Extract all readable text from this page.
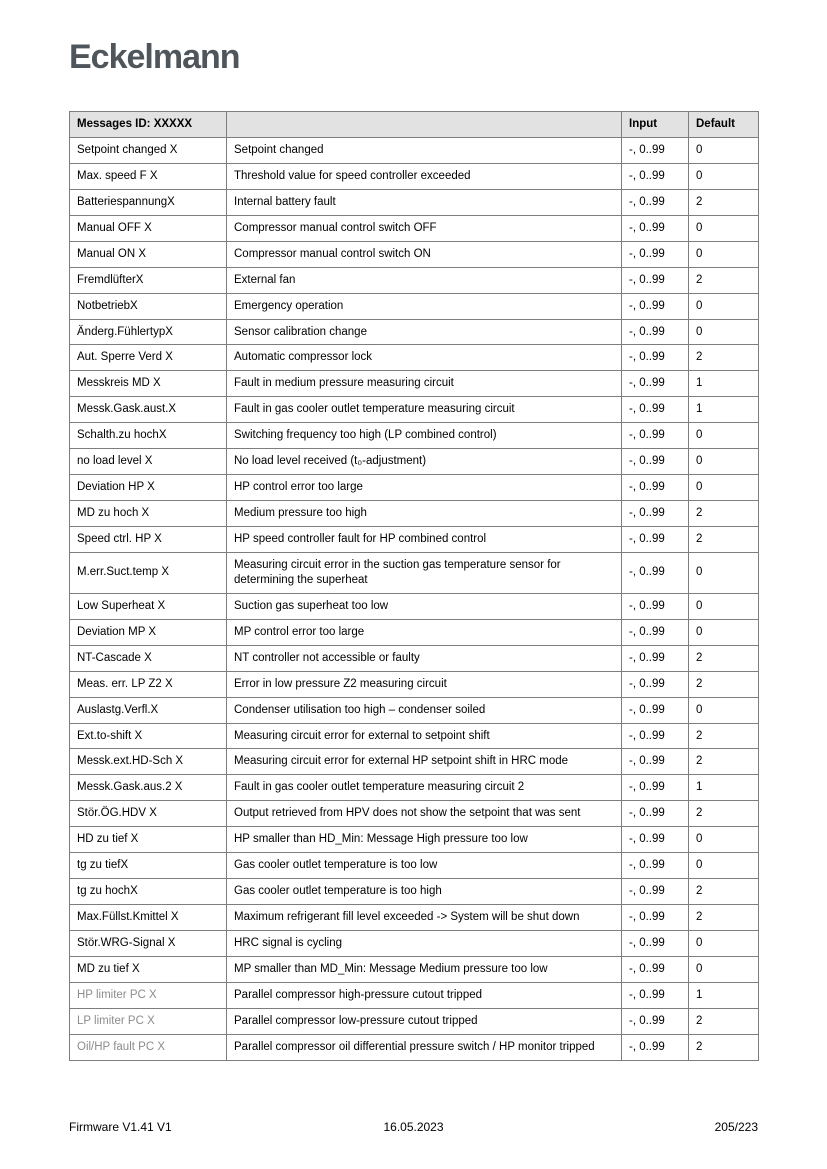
Eckelmann
Messages ID: XXXXX		Input	Default
Setpoint changed X	Setpoint changed	-, 0..99	0
Max. speed F X	Threshold value for speed controller exceeded	-, 0..99	0
BatteriespannungX	Internal battery fault	-, 0..99	2
Manual OFF X	Compressor manual control switch OFF	-, 0..99	0
Manual ON X	Compressor manual control switch ON	-, 0..99	0
FremdlüfterX	External fan	-, 0..99	2
NotbetriebX	Emergency operation	-, 0..99	0
Änderg.FühlertypX	Sensor calibration change	-, 0..99	0
Aut. Sperre Verd X	Automatic compressor lock	-, 0..99	2
Messkreis MD X	Fault in medium pressure measuring circuit	-, 0..99	1
Messk.Gask.aust.X	Fault in gas cooler outlet temperature measuring circuit	-, 0..99	1
Schalth.zu hochX	Switching frequency too high (LP combined control)	-, 0..99	0
no load level X	No load level received (t₀-adjustment)	-, 0..99	0
Deviation HP X	HP control error too large	-, 0..99	0
MD zu hoch X	Medium pressure too high	-, 0..99	2
Speed ctrl. HP X	HP speed controller fault for HP combined control	-, 0..99	2
M.err.Suct.temp X	Measuring circuit error in the suction gas temperature sensor for determining the superheat	-, 0..99	0
Low Superheat X	Suction gas superheat too low	-, 0..99	0
Deviation MP X	MP control error too large	-, 0..99	0
NT-Cascade X	NT controller not accessible or faulty	-, 0..99	2
Meas. err. LP Z2 X	Error in low pressure Z2 measuring circuit	-, 0..99	2
Auslastg.Verfl.X	Condenser utilisation too high – condenser soiled	-, 0..99	0
Ext.to-shift X	Measuring circuit error for external to setpoint shift	-, 0..99	2
Messk.ext.HD-Sch X	Measuring circuit error for external HP setpoint shift in HRC mode	-, 0..99	2
Messk.Gask.aus.2 X	Fault in gas cooler outlet temperature measuring circuit 2	-, 0..99	1
Stör.ÖG.HDV X	Output retrieved from HPV does not show the setpoint that was sent	-, 0..99	2
HD zu tief X	HP smaller than HD_Min: Message High pressure too low	-, 0..99	0
tg zu tiefX	Gas cooler outlet temperature is too low	-, 0..99	0
tg zu hochX	Gas cooler outlet temperature is too high	-, 0..99	2
Max.Füllst.Kmittel X	Maximum refrigerant fill level exceeded -> System will be shut down	-, 0..99	2
Stör.WRG-Signal X	HRC signal is cycling	-, 0..99	0
MD zu tief X	MP smaller than MD_Min: Message Medium pressure too low	-, 0..99	0
HP limiter PC X	Parallel compressor high-pressure cutout tripped	-, 0..99	1
LP limiter PC X	Parallel compressor low-pressure cutout tripped	-, 0..99	2
Oil/HP fault PC X	Parallel compressor oil differential pressure switch / HP monitor tripped	-, 0..99	2
Firmware V1.41 V1	16.05.2023	205/223
